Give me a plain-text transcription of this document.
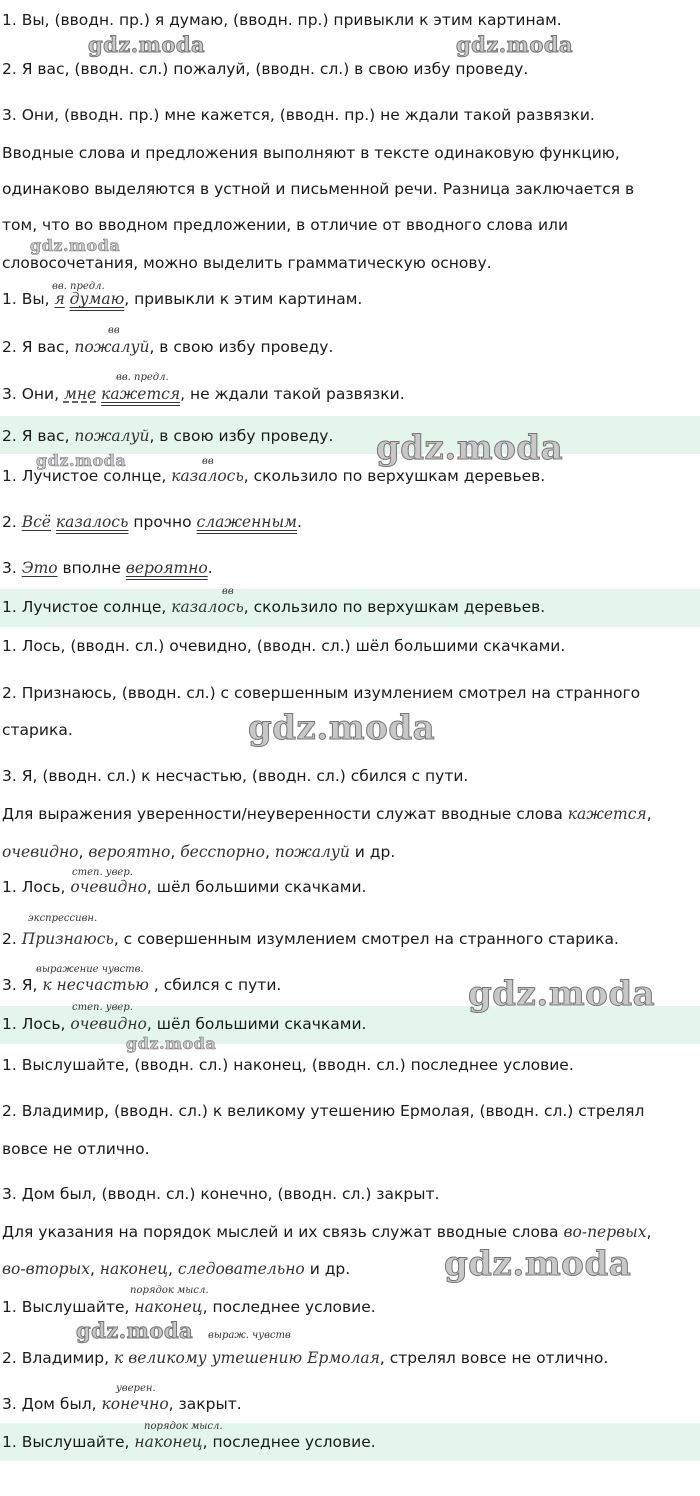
1. Вы, (вводн. пр.) я думаю, (вводн. пр.) привыкли к этим картинам.
2. Я вас, (вводн. сл.) пожалуй, (вводн. сл.) в свою избу проведу.
3. Они, (вводн. пр.) мне кажется, (вводн. пр.) не ждали такой развязки.
Вводные слова и предложения выполняют в тексте одинаковую функцию,
одинаково выделяются в устной и письменной речи. Разница заключается в
том, что во вводном предложении, в отличие от вводного слова или
словосочетания, можно выделить грамматическую основу.
вв. предл.
1. Вы, я думаю, привыкли к этим картинам.
вв
2. Я вас, пожалуй, в свою избу проведу.
вв. предл.
3. Они, мне кажется, не ждали такой развязки.
2. Я вас, пожалуй, в свою избу проведу.
вв
1. Лучистое солнце, казалось, скользило по верхушкам деревьев.
2. Всё казалось прочно слаженным.
3. Это вполне вероятно.
вв
1. Лучистое солнце, казалось, скользило по верхушкам деревьев.
1. Лось, (вводн. сл.) очевидно, (вводн. сл.) шёл большими скачками.
2. Признаюсь, (вводн. сл.) с совершенным изумлением смотрел на странного
старика.
3. Я, (вводн. сл.) к несчастью, (вводн. сл.) сбился с пути.
Для выражения уверенности/неуверенности служат вводные слова кажется,
очевидно, вероятно, бесспорно, пожалуй и др.
степ. увер.
1. Лось, очевидно, шёл большими скачками.
экспрессивн.
2. Признаюсь, с совершенным изумлением смотрел на странного старика.
выражение чувств.
3. Я, к несчастью , сбился с пути.
степ. увер.
1. Лось, очевидно, шёл большими скачками.
1. Выслушайте, (вводн. сл.) наконец, (вводн. сл.) последнее условие.
2. Владимир, (вводн. сл.) к великому утешению Ермолая, (вводн. сл.) стрелял
вовсе не отлично.
3. Дом был, (вводн. сл.) конечно, (вводн. сл.) закрыт.
Для указания на порядок мыслей и их связь служат вводные слова во-первых,
во-вторых, наконец, следовательно и др.
порядок мысл.
1. Выслушайте, наконец, последнее условие.
выраж. чувств
2. Владимир, к великому утешению Ермолая, стрелял вовсе не отлично.
уверен.
3. Дом был, конечно, закрыт.
порядок мысл.
1. Выслушайте, наконец, последнее условие.
gdz.moda	gdz.moda
gdz.moda
gdz.moda
gdz.moda
gdz.moda
gdz.moda
gdz.moda
gdz.moda
gdz.moda
